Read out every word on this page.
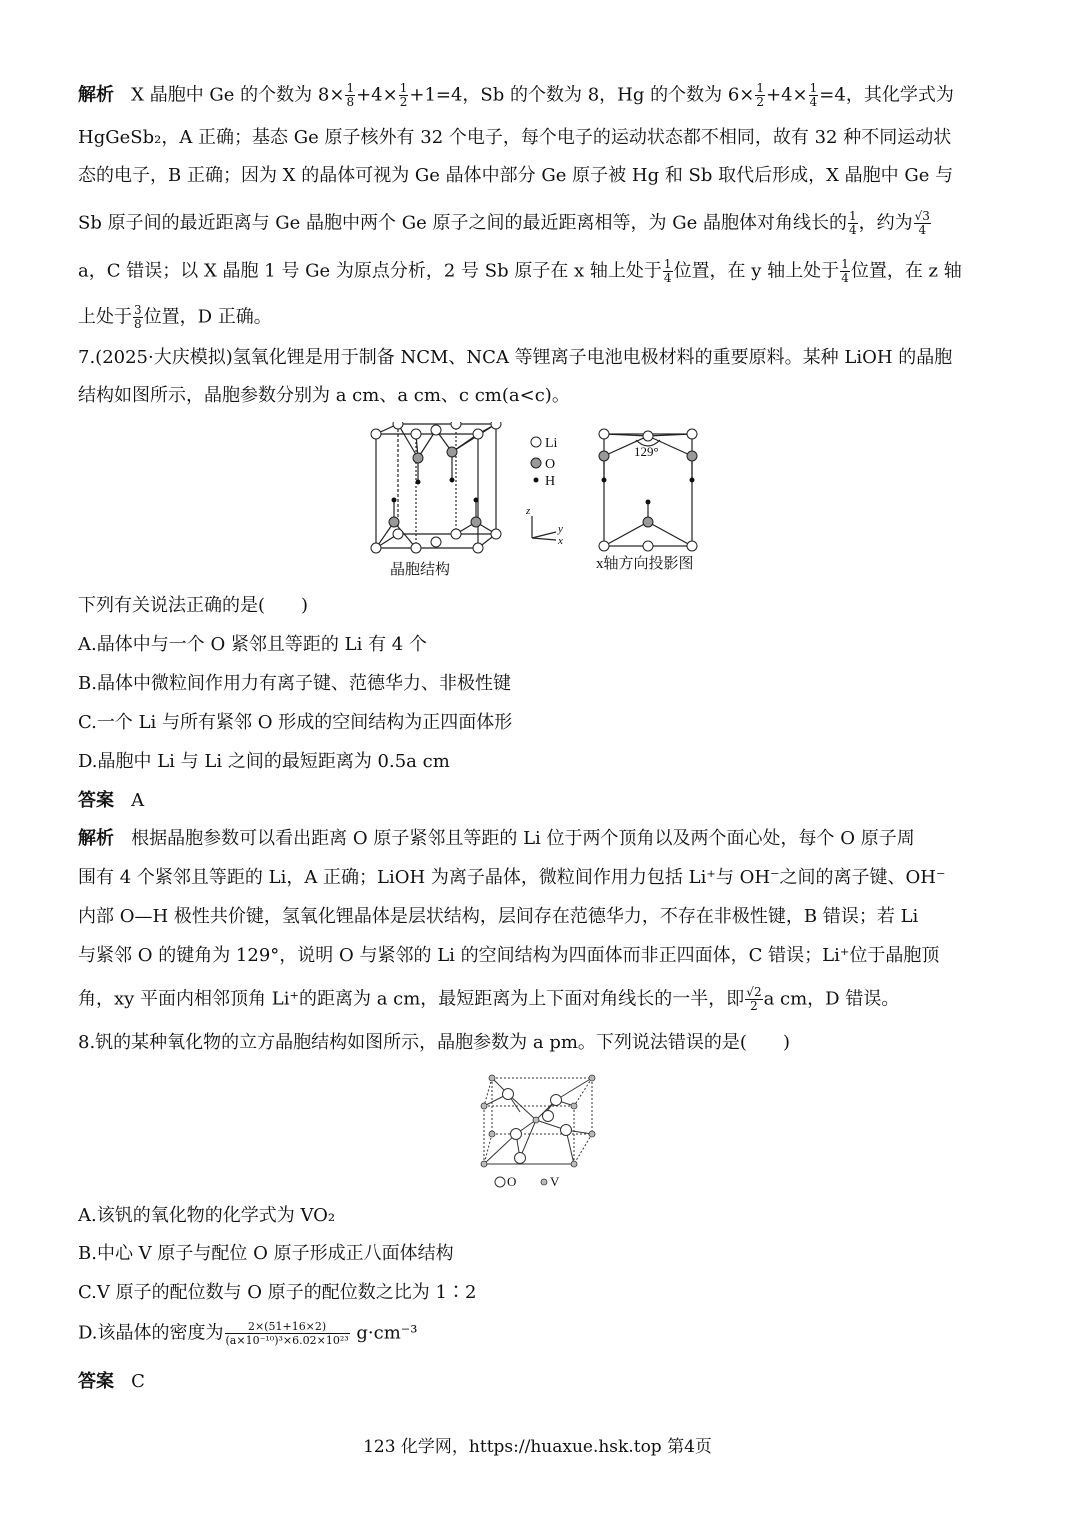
解析 X 晶胞中 Ge 的个数为 $8\times \frac{1}{8} +4\times \frac{1}{2} +1=4$，Sb 的个数为 8，Hg 的个数为 $6\times \frac{1}{2} +4\times \frac{1}{4} =4$，其化学式为
HgGeSb₂，A 正确；基态 Ge 原子核外有 32 个电子，每个电子的运动状态都不相同，故有 32 种不同运动状
态的电子，B 正确；因为 X 的晶体可视为 Ge 晶体中部分 Ge 原子被 Hg 和 Sb 取代后形成，X 晶胞中 Ge 与
Sb 原子间的最近距离与 Ge 晶胞中两个 Ge 原子之间的最近距离相等，为 Ge 晶胞体对角线长的 $\frac{1}{4}$ ，约为 $\frac{√3}{4}$
a，C 错误；以 X 晶胞 1 号 Ge 为原点分析，2 号 Sb 原子在 x 轴上处于 $\frac{1}{4}$ 位置，在 y 轴上处于 $\frac{1}{4}$ 位置，在 z 轴
上处于 $\frac{3}{8}$ 位置，D 正确。
7.(2025·大庆模拟)氢氧化锂是用于制备 NCM、NCA 等锂离子电池电极材料的重要原料。某种 LiOH 的晶胞
结构如图所示，晶胞参数分别为 a cm、a cm、c cm(a<c)。
Li
O
H
129°
z
y
x
晶胞结构	x轴方向投影图
下列有关说法正确的是(　　)
A.晶体中与一个 O 紧邻且等距的 Li 有 4 个
B.晶体中微粒间作用力有离子键、范德华力、非极性键
C.一个 Li 与所有紧邻 O 形成的空间结构为正四面体形
D.晶胞中 Li 与 Li 之间的最短距离为 0.5a cm
答案 A
解析 根据晶胞参数可以看出距离 O 原子紧邻且等距的 Li 位于两个顶角以及两个面心处，每个 O 原子周
围有 4 个紧邻且等距的 Li，A 正确；LiOH 为离子晶体，微粒间作用力包括 Li⁺与 OH⁻之间的离子键、OH⁻
内部 O—H 极性共价键，氢氧化锂晶体是层状结构，层间存在范德华力，不存在非极性键，B 错误；若 Li
与紧邻 O 的键角为 129°，说明 O 与紧邻的 Li 的空间结构为四面体而非正四面体，C 错误；Li⁺位于晶胞顶
角，xy 平面内相邻顶角 Li⁺的距离为 a cm，最短距离为上下面对角线长的一半，即 $\frac{√2}{2}$ a cm，D 错误。
8.钒的某种氧化物的立方晶胞结构如图所示，晶胞参数为 a pm。下列说法错误的是(　　)
O	V
A.该钒的氧化物的化学式为 VO₂
B.中心 V 原子与配位 O 原子形成正八面体结构
C.V 原子的配位数与 O 原子的配位数之比为 1∶2
D.该晶体的密度为 $\frac{2\times(51+16\times 2)}{\text{(a×10⁻¹⁰)³×6.02×10²³}} g\cdot cm^{-3}$
答案 C
123 化学网，https://huaxue.hsk.top 第4页
